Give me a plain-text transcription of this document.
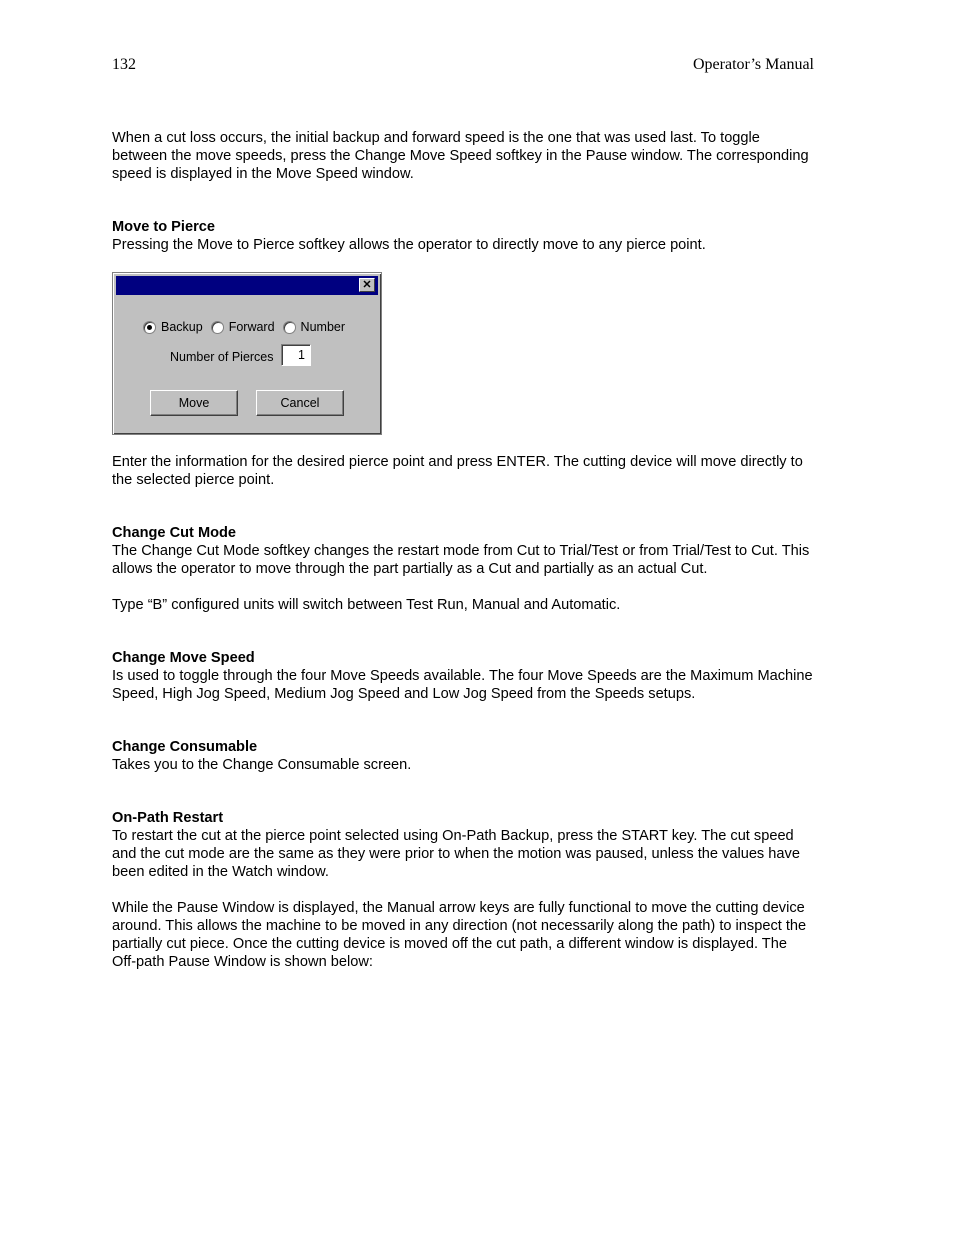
132	Operator’s Manual

When a cut loss occurs, the initial backup and forward speed is the one that was used last. To toggle between the move speeds, press the Change Move Speed softkey in the Pause window. The corresponding speed is displayed in the Move Speed window.

Move to Pierce

Pressing the Move to Pierce softkey allows the operator to directly move to any pierce point.

✕
Backup Forward Number
Number of Pierces	1
Move	Cancel

Enter the information for the desired pierce point and press ENTER. The cutting device will move directly to the selected pierce point.

Change Cut Mode

The Change Cut Mode softkey changes the restart mode from Cut to Trial/Test or from Trial/Test to Cut. This allows the operator to move through the part partially as a Cut and partially as an actual Cut.

Type “B” configured units will switch between Test Run, Manual and Automatic.

Change Move Speed

Is used to toggle through the four Move Speeds available. The four Move Speeds are the Maximum Machine Speed, High Jog Speed, Medium Jog Speed and Low Jog Speed from the Speeds setups.

Change Consumable

Takes you to the Change Consumable screen.

On-Path Restart

To restart the cut at the pierce point selected using On-Path Backup, press the START key. The cut speed and the cut mode are the same as they were prior to when the motion was paused, unless the values have been edited in the Watch window.

While the Pause Window is displayed, the Manual arrow keys are fully functional to move the cutting device around. This allows the machine to be moved in any direction (not necessarily along the path) to inspect the partially cut piece. Once the cutting device is moved off the cut path, a different window is displayed. The Off-path Pause Window is shown below:
